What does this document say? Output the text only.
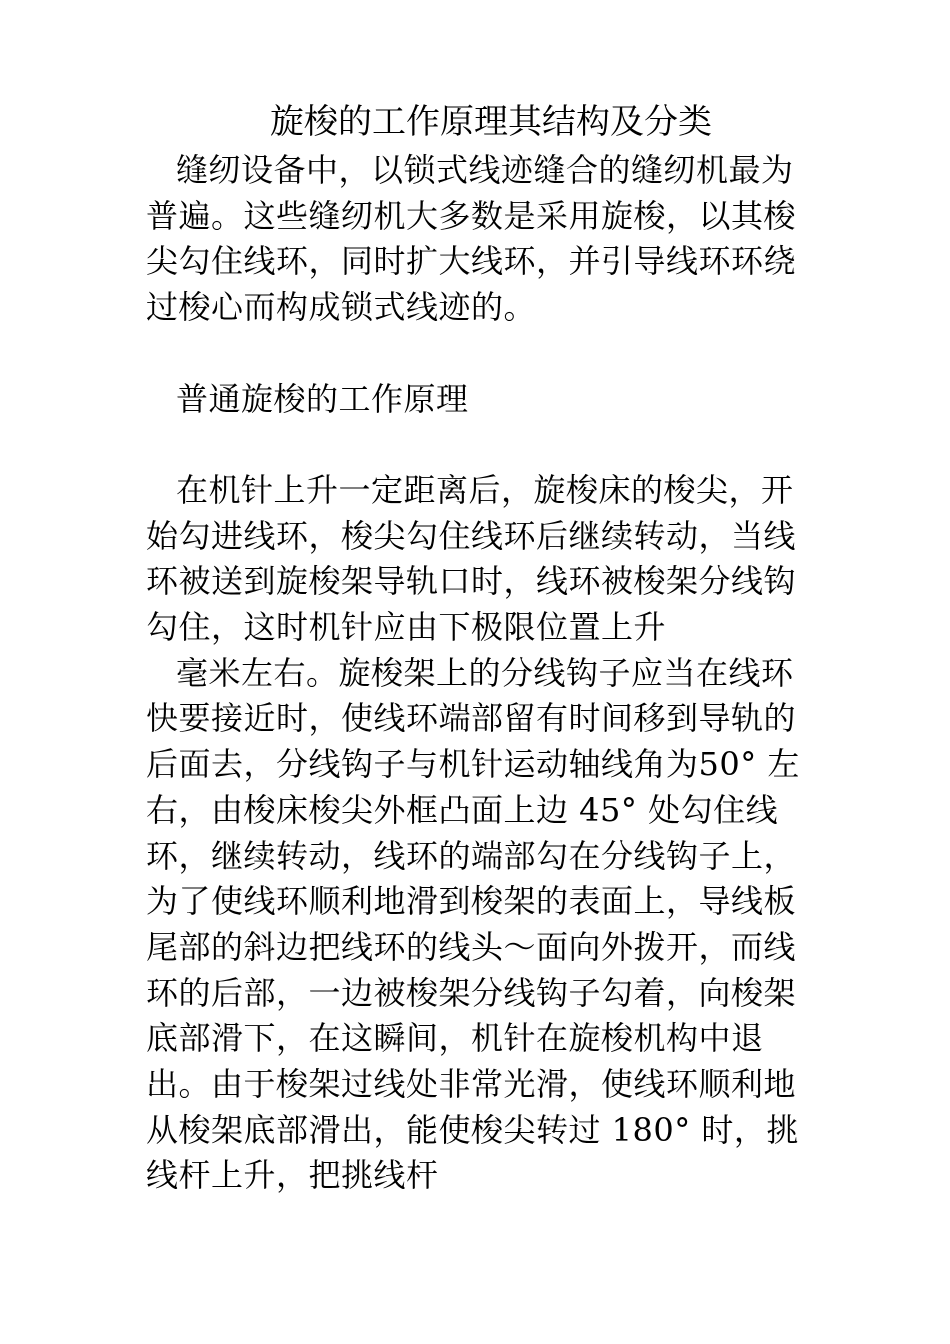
旋梭的工作原理其结构及分类

缝纫设备中，以锁式线迹缝合的缝纫机最为普遍。这些缝纫机大多数是采用旋梭，以其梭尖勾住线环，同时扩大线环，并引导线环环绕过梭心而构成锁式线迹的。

普通旋梭的工作原理

在机针上升一定距离后，旋梭床的梭尖，开始勾进线环，梭尖勾住线环后继续转动，当线环被送到旋梭架导轨口时，线环被梭架分线钩勾住，这时机针应由下极限位置上升

毫米左右。旋梭架上的分线钩子应当在线环快要接近时，使线环端部留有时间移到导轨的后面去，分线钩子与机针运动轴线角为50° 左右，由梭床梭尖外框凸面上边 45° 处勾住线环，继续转动，线环的端部勾在分线钩子上，为了使线环顺利地滑到梭架的表面上，导线板尾部的斜边把线环的线头～面向外拨开，而线环的后部，一边被梭架分线钩子勾着，向梭架底部滑下，在这瞬间，机针在旋梭机构中退出。由于梭架过线处非常光滑，使线环顺利地从梭架底部滑出，能使梭尖转过 180° 时，挑线杆上升，把挑线杆
